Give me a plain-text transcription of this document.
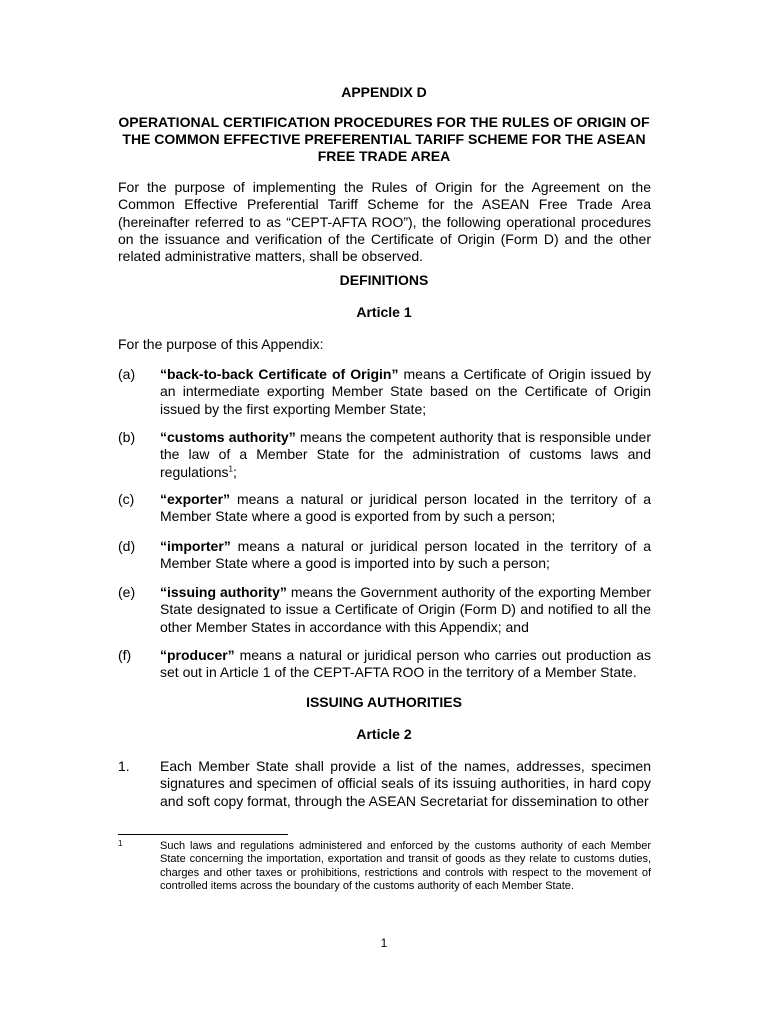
APPENDIX D
OPERATIONAL CERTIFICATION PROCEDURES FOR THE RULES OF ORIGIN OF THE COMMON EFFECTIVE PREFERENTIAL TARIFF SCHEME FOR THE ASEAN FREE TRADE AREA

For the purpose of implementing the Rules of Origin for the Agreement on the Common Effective Preferential Tariff Scheme for the ASEAN Free Trade Area (hereinafter referred to as “CEPT-AFTA ROO”), the following operational procedures on the issuance and verification of the Certificate of Origin (Form D) and the other related administrative matters, shall be observed.

DEFINITIONS
Article 1

For the purpose of this Appendix:

(a) “back-to-back Certificate of Origin” means a Certificate of Origin issued by an intermediate exporting Member State based on the Certificate of Origin issued by the first exporting Member State;
(b) “customs authority” means the competent authority that is responsible under the law of a Member State for the administration of customs laws and regulations$^1$;
(c) “exporter” means a natural or juridical person located in the territory of a Member State where a good is exported from by such a person;
(d) “importer” means a natural or juridical person located in the territory of a Member State where a good is imported into by such a person;
(e) “issuing authority” means the Government authority of the exporting Member State designated to issue a Certificate of Origin (Form D) and notified to all the other Member States in accordance with this Appendix; and
(f) “producer” means a natural or juridical person who carries out production as set out in Article 1 of the CEPT-AFTA ROO in the territory of a Member State.
ISSUING AUTHORITIES
Article 2
1. Each Member State shall provide a list of the names, addresses, specimen signatures and specimen of official seals of its issuing authorities, in hard copy and soft copy format, through the ASEAN Secretariat for dissemination to other
1	Such laws and regulations administered and enforced by the customs authority of each Member State concerning the importation, exportation and transit of goods as they relate to customs duties, charges and other taxes or prohibitions, restrictions and controls with respect to the movement of controlled items across the boundary of the customs authority of each Member State.
1
